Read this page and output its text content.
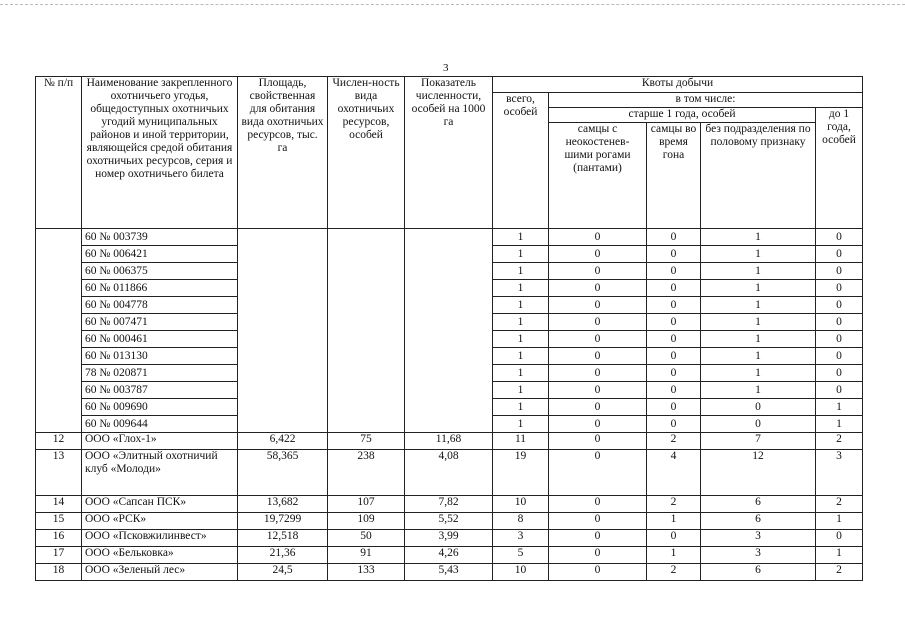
3
№ п/п	Наименование закрепленного охотничьего угодья, общедоступных охотничьих угодий муниципальных районов и иной территории, являющейся средой обитания охотничьих ресурсов, серия и номер охотничьего билета	Площадь, свойственная для обитания вида охотничьих ресурсов, тыс. га	Числен-ность вида охотничьих ресурсов, особей	Показатель численности, особей на 1000 га	Квоты добычи				
					всего, особей	в том числе:			
						старше 1 года, особей			до 1 года, особей
						самцы с неокостенев-шими рогами (пантами)	самцы во время гона	без подразделения по половому признаку	
	60 № 003739				1	0	0	1	0
	60 № 006421				1	0	0	1	0
	60 № 006375				1	0	0	1	0
	60 № 011866				1	0	0	1	0
	60 № 004778				1	0	0	1	0
	60 № 007471				1	0	0	1	0
	60 № 000461				1	0	0	1	0
	60 № 013130				1	0	0	1	0
	78 № 020871				1	0	0	1	0
	60 № 003787				1	0	0	1	0
	60 № 009690				1	0	0	0	1
	60 № 009644				1	0	0	0	1
12	ООО «Глох-1»	6,422	75	11,68	11	0	2	7	2
13	ООО «Элитный охотничий клуб «Молоди»	58,365	238	4,08	19	0	4	12	3
14	ООО «Сапсан ПСК»	13,682	107	7,82	10	0	2	6	2
15	ООО «РСК»	19,7299	109	5,52	8	0	1	6	1
16	ООО «Псковжилинвест»	12,518	50	3,99	3	0	0	3	0
17	ООО «Бельковка»	21,36	91	4,26	5	0	1	3	1
18	ООО «Зеленый лес»	24,5	133	5,43	10	0	2	6	2
